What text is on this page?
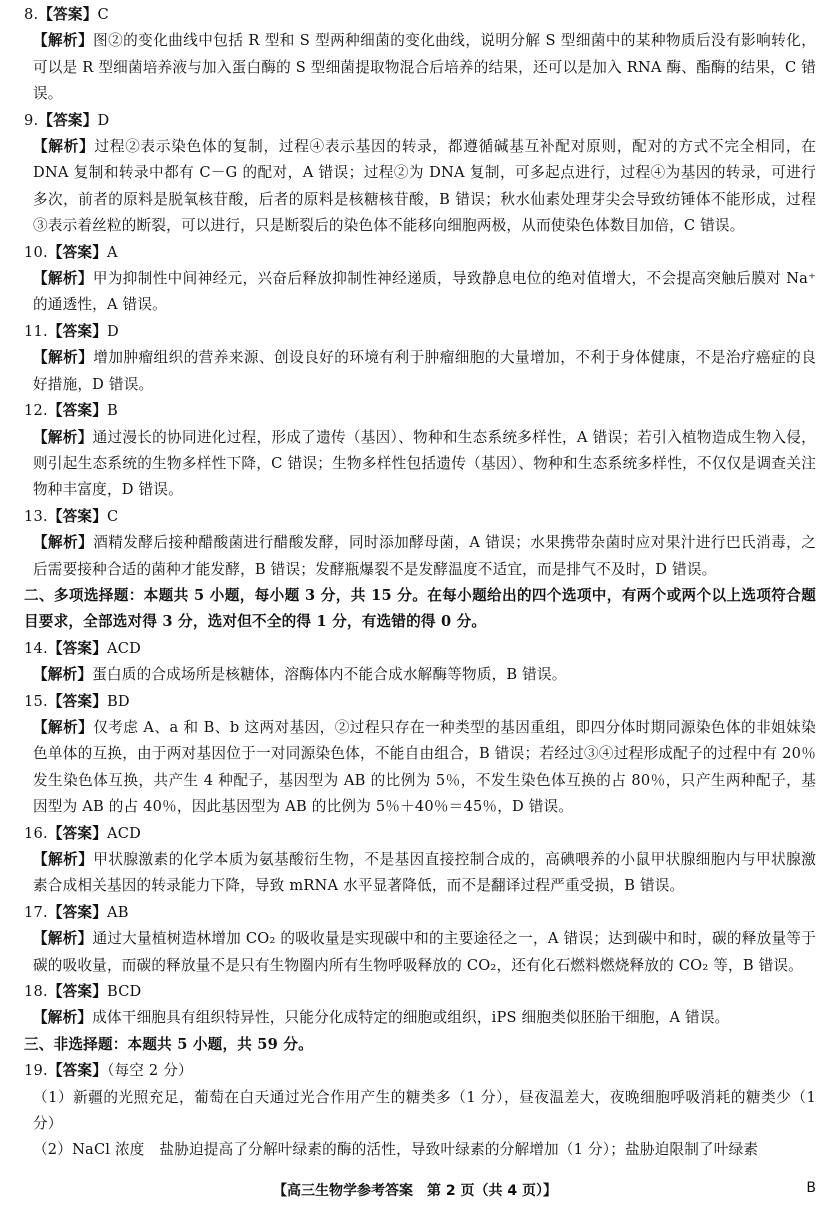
8.【答案】C

【解析】图②的变化曲线中包括 R 型和 S 型两种细菌的变化曲线，说明分解 S 型细菌中的某种物质后没有影响转化，可以是 R 型细菌培养液与加入蛋白酶的 S 型细菌提取物混合后培养的结果，还可以是加入 RNA 酶、酯酶的结果，C 错误。

9.【答案】D

【解析】过程②表示染色体的复制，过程④表示基因的转录，都遵循碱基互补配对原则，配对的方式不完全相同，在 DNA 复制和转录中都有 C－G 的配对，A 错误；过程②为 DNA 复制，可多起点进行，过程④为基因的转录，可进行多次，前者的原料是脱氧核苷酸，后者的原料是核糖核苷酸，B 错误；秋水仙素处理芽尖会导致纺锤体不能形成，过程③表示着丝粒的断裂，可以进行，只是断裂后的染色体不能移向细胞两极，从而使染色体数目加倍，C 错误。

10.【答案】A

【解析】甲为抑制性中间神经元，兴奋后释放抑制性神经递质，导致静息电位的绝对值增大，不会提高突触后膜对 Na⁺ 的通透性，A 错误。

11.【答案】D

【解析】增加肿瘤组织的营养来源、创设良好的环境有利于肿瘤细胞的大量增加，不利于身体健康，不是治疗癌症的良好措施，D 错误。

12.【答案】B

【解析】通过漫长的协同进化过程，形成了遗传（基因）、物种和生态系统多样性，A 错误；若引入植物造成生物入侵，则引起生态系统的生物多样性下降，C 错误；生物多样性包括遗传（基因）、物种和生态系统多样性，不仅仅是调查关注物种丰富度，D 错误。

13.【答案】C

【解析】酒精发酵后接种醋酸菌进行醋酸发酵，同时添加酵母菌，A 错误；水果携带杂菌时应对果汁进行巴氏消毒，之后需要接种合适的菌种才能发酵，B 错误；发酵瓶爆裂不是发酵温度不适宜，而是排气不及时，D 错误。

二、多项选择题：本题共 5 小题，每小题 3 分，共 15 分。在每小题给出的四个选项中，有两个或两个以上选项符合题目要求，全部选对得 3 分，选对但不全的得 1 分，有选错的得 0 分。

14.【答案】ACD

【解析】蛋白质的合成场所是核糖体，溶酶体内不能合成水解酶等物质，B 错误。

15.【答案】BD

【解析】仅考虑 A、a 和 B、b 这两对基因，②过程只存在一种类型的基因重组，即四分体时期同源染色体的非姐妹染色单体的互换，由于两对基因位于一对同源染色体，不能自由组合，B 错误；若经过③④过程形成配子的过程中有 20％发生染色体互换，共产生 4 种配子，基因型为 AB 的比例为 5％，不发生染色体互换的占 80％，只产生两种配子，基因型为 AB 的占 40％，因此基因型为 AB 的比例为 5％＋40％＝45％，D 错误。

16.【答案】ACD

【解析】甲状腺激素的化学本质为氨基酸衍生物，不是基因直接控制合成的，高碘喂养的小鼠甲状腺细胞内与甲状腺激素合成相关基因的转录能力下降，导致 mRNA 水平显著降低，而不是翻译过程严重受损，B 错误。

17.【答案】AB

【解析】通过大量植树造林增加 CO₂ 的吸收量是实现碳中和的主要途径之一，A 错误；达到碳中和时，碳的释放量等于碳的吸收量，而碳的释放量不是只有生物圈内所有生物呼吸释放的 CO₂，还有化石燃料燃烧释放的 CO₂ 等，B 错误。

18.【答案】BCD

【解析】成体干细胞具有组织特异性，只能分化成特定的细胞或组织，iPS 细胞类似胚胎干细胞，A 错误。

三、非选择题：本题共 5 小题，共 59 分。

19.【答案】（每空 2 分）

（1）新疆的光照充足，葡萄在白天通过光合作用产生的糖类多（1 分），昼夜温差大，夜晚细胞呼吸消耗的糖类少（1 分）

（2）NaCl 浓度　盐胁迫提高了分解叶绿素的酶的活性，导致叶绿素的分解增加（1 分）；盐胁迫限制了叶绿素

【高三生物学参考答案　第 2 页（共 4 页）】	B
